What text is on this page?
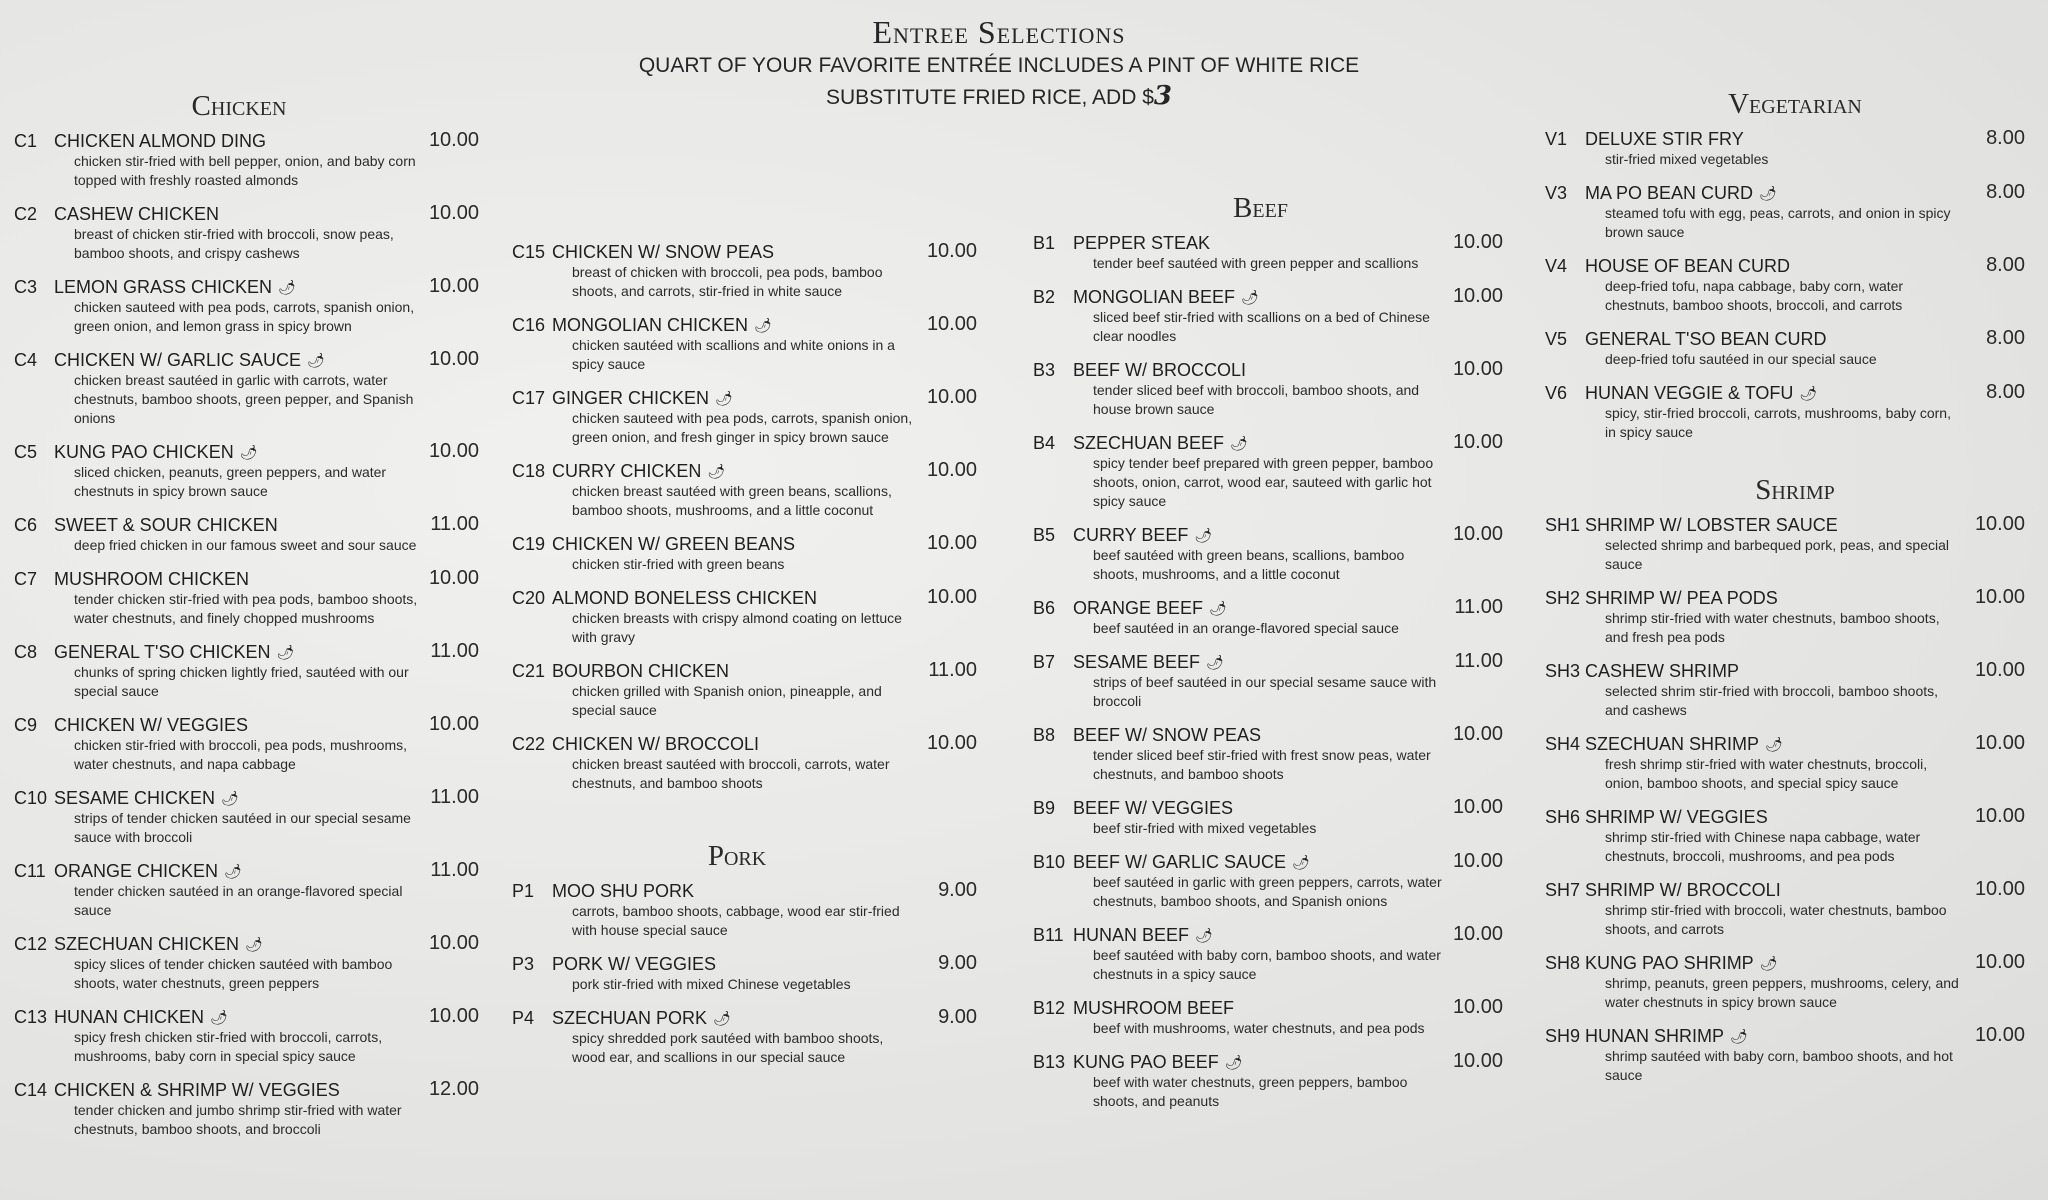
Entree Selections
QUART OF YOUR FAVORITE ENTRÉE INCLUDES A PINT OF WHITE RICE
SUBSTITUTE FRIED RICE, ADD $3
Chicken
C1 CHICKEN ALMOND DING	10.00
chicken stir-fried with bell pepper, onion, and baby corn topped with freshly roasted almonds
C2 CASHEW CHICKEN	10.00
breast of chicken stir-fried with broccoli, snow peas, bamboo shoots, and crispy cashews
C3 LEMON GRASS CHICKEN 🌶	10.00
chicken sauteed with pea pods, carrots, spanish onion, green onion, and lemon grass in spicy brown
C4 CHICKEN W/ GARLIC SAUCE 🌶	10.00
chicken breast sautéed in garlic with carrots, water chestnuts, bamboo shoots, green pepper, and Spanish onions
C5 KUNG PAO CHICKEN 🌶	10.00
sliced chicken, peanuts, green peppers, and water chestnuts in spicy brown sauce
C6 SWEET & SOUR CHICKEN	11.00
deep fried chicken in our famous sweet and sour sauce
C7 MUSHROOM CHICKEN	10.00
tender chicken stir-fried with pea pods, bamboo shoots, water chestnuts, and finely chopped mushrooms
C8 GENERAL T'SO CHICKEN 🌶	11.00
chunks of spring chicken lightly fried, sautéed with our special sauce
C9 CHICKEN W/ VEGGIES	10.00
chicken stir-fried with broccoli, pea pods, mushrooms, water chestnuts, and napa cabbage
C10 SESAME CHICKEN 🌶	11.00
strips of tender chicken sautéed in our special sesame sauce with broccoli
C11 ORANGE CHICKEN 🌶	11.00
tender chicken sautéed in an orange-flavored special sauce
C12 SZECHUAN CHICKEN 🌶	10.00
spicy slices of tender chicken sautéed with bamboo shoots, water chestnuts, green peppers
C13 HUNAN CHICKEN 🌶	10.00
spicy fresh chicken stir-fried with broccoli, carrots, mushrooms, baby corn in special spicy sauce
C14 CHICKEN & SHRIMP W/ VEGGIES	12.00
tender chicken and jumbo shrimp stir-fried with water chestnuts, bamboo shoots, and broccoli
C15 CHICKEN W/ SNOW PEAS	10.00
breast of chicken with broccoli, pea pods, bamboo shoots, and carrots, stir-fried in white sauce
C16 MONGOLIAN CHICKEN 🌶	10.00
chicken sautéed with scallions and white onions in a spicy sauce
C17 GINGER CHICKEN 🌶	10.00
chicken sauteed with pea pods, carrots, spanish onion, green onion, and fresh ginger in spicy brown sauce
C18 CURRY CHICKEN 🌶	10.00
chicken breast sautéed with green beans, scallions, bamboo shoots, mushrooms, and a little coconut
C19 CHICKEN W/ GREEN BEANS	10.00
chicken stir-fried with green beans
C20 ALMOND BONELESS CHICKEN	10.00
chicken breasts with crispy almond coating on lettuce with gravy
C21 BOURBON CHICKEN	11.00
chicken grilled with Spanish onion, pineapple, and special sauce
C22 CHICKEN W/ BROCCOLI	10.00
chicken breast sautéed with broccoli, carrots, water chestnuts, and bamboo shoots
Pork
P1 MOO SHU PORK	9.00
carrots, bamboo shoots, cabbage, wood ear stir-fried with house special sauce
P3 PORK W/ VEGGIES	9.00
pork stir-fried with mixed Chinese vegetables
P4 SZECHUAN PORK 🌶	9.00
spicy shredded pork sautéed with bamboo shoots, wood ear, and scallions in our special sauce
Beef
B1 PEPPER STEAK	10.00
tender beef sautéed with green pepper and scallions
B2 MONGOLIAN BEEF 🌶	10.00
sliced beef stir-fried with scallions on a bed of Chinese clear noodles
B3 BEEF W/ BROCCOLI	10.00
tender sliced beef with broccoli, bamboo shoots, and house brown sauce
B4 SZECHUAN BEEF 🌶	10.00
spicy tender beef prepared with green pepper, bamboo shoots, onion, carrot, wood ear, sauteed with garlic hot spicy sauce
B5 CURRY BEEF 🌶	10.00
beef sautéed with green beans, scallions, bamboo shoots, mushrooms, and a little coconut
B6 ORANGE BEEF 🌶	11.00
beef sautéed in an orange-flavored special sauce
B7 SESAME BEEF 🌶	11.00
strips of beef sautéed in our special sesame sauce with broccoli
B8 BEEF W/ SNOW PEAS	10.00
tender sliced beef stir-fried with frest snow peas, water chestnuts, and bamboo shoots
B9 BEEF W/ VEGGIES	10.00
beef stir-fried with mixed vegetables
B10 BEEF W/ GARLIC SAUCE 🌶	10.00
beef sautéed in garlic with green peppers, carrots, water chestnuts, bamboo shoots, and Spanish onions
B11 HUNAN BEEF 🌶	10.00
beef sautéed with baby corn, bamboo shoots, and water chestnuts in a spicy sauce
B12 MUSHROOM BEEF	10.00
beef with mushrooms, water chestnuts, and pea pods
B13 KUNG PAO BEEF 🌶	10.00
beef with water chestnuts, green peppers, bamboo shoots, and peanuts
Vegetarian
V1 DELUXE STIR FRY	8.00
stir-fried mixed vegetables
V3 MA PO BEAN CURD 🌶	8.00
steamed tofu with egg, peas, carrots, and onion in spicy brown sauce
V4 HOUSE OF BEAN CURD	8.00
deep-fried tofu, napa cabbage, baby corn, water chestnuts, bamboo shoots, broccoli, and carrots
V5 GENERAL T'SO BEAN CURD	8.00
deep-fried tofu sautéed in our special sauce
V6 HUNAN VEGGIE & TOFU 🌶	8.00
spicy, stir-fried broccoli, carrots, mushrooms, baby corn, in spicy sauce
Shrimp
SH1 SHRIMP W/ LOBSTER SAUCE	10.00
selected shrimp and barbequed pork, peas, and special sauce
SH2 SHRIMP W/ PEA PODS	10.00
shrimp stir-fried with water chestnuts, bamboo shoots, and fresh pea pods
SH3 CASHEW SHRIMP	10.00
selected shrim stir-fried with broccoli, bamboo shoots, and cashews
SH4 SZECHUAN SHRIMP 🌶	10.00
fresh shrimp stir-fried with water chestnuts, broccoli, onion, bamboo shoots, and special spicy sauce
SH6 SHRIMP W/ VEGGIES	10.00
shrimp stir-fried with Chinese napa cabbage, water chestnuts, broccoli, mushrooms, and pea pods
SH7 SHRIMP W/ BROCCOLI	10.00
shrimp stir-fried with broccoli, water chestnuts, bamboo shoots, and carrots
SH8 KUNG PAO SHRIMP 🌶	10.00
shrimp, peanuts, green peppers, mushrooms, celery, and water chestnuts in spicy brown sauce
SH9 HUNAN SHRIMP 🌶	10.00
shrimp sautéed with baby corn, bamboo shoots, and hot sauce
